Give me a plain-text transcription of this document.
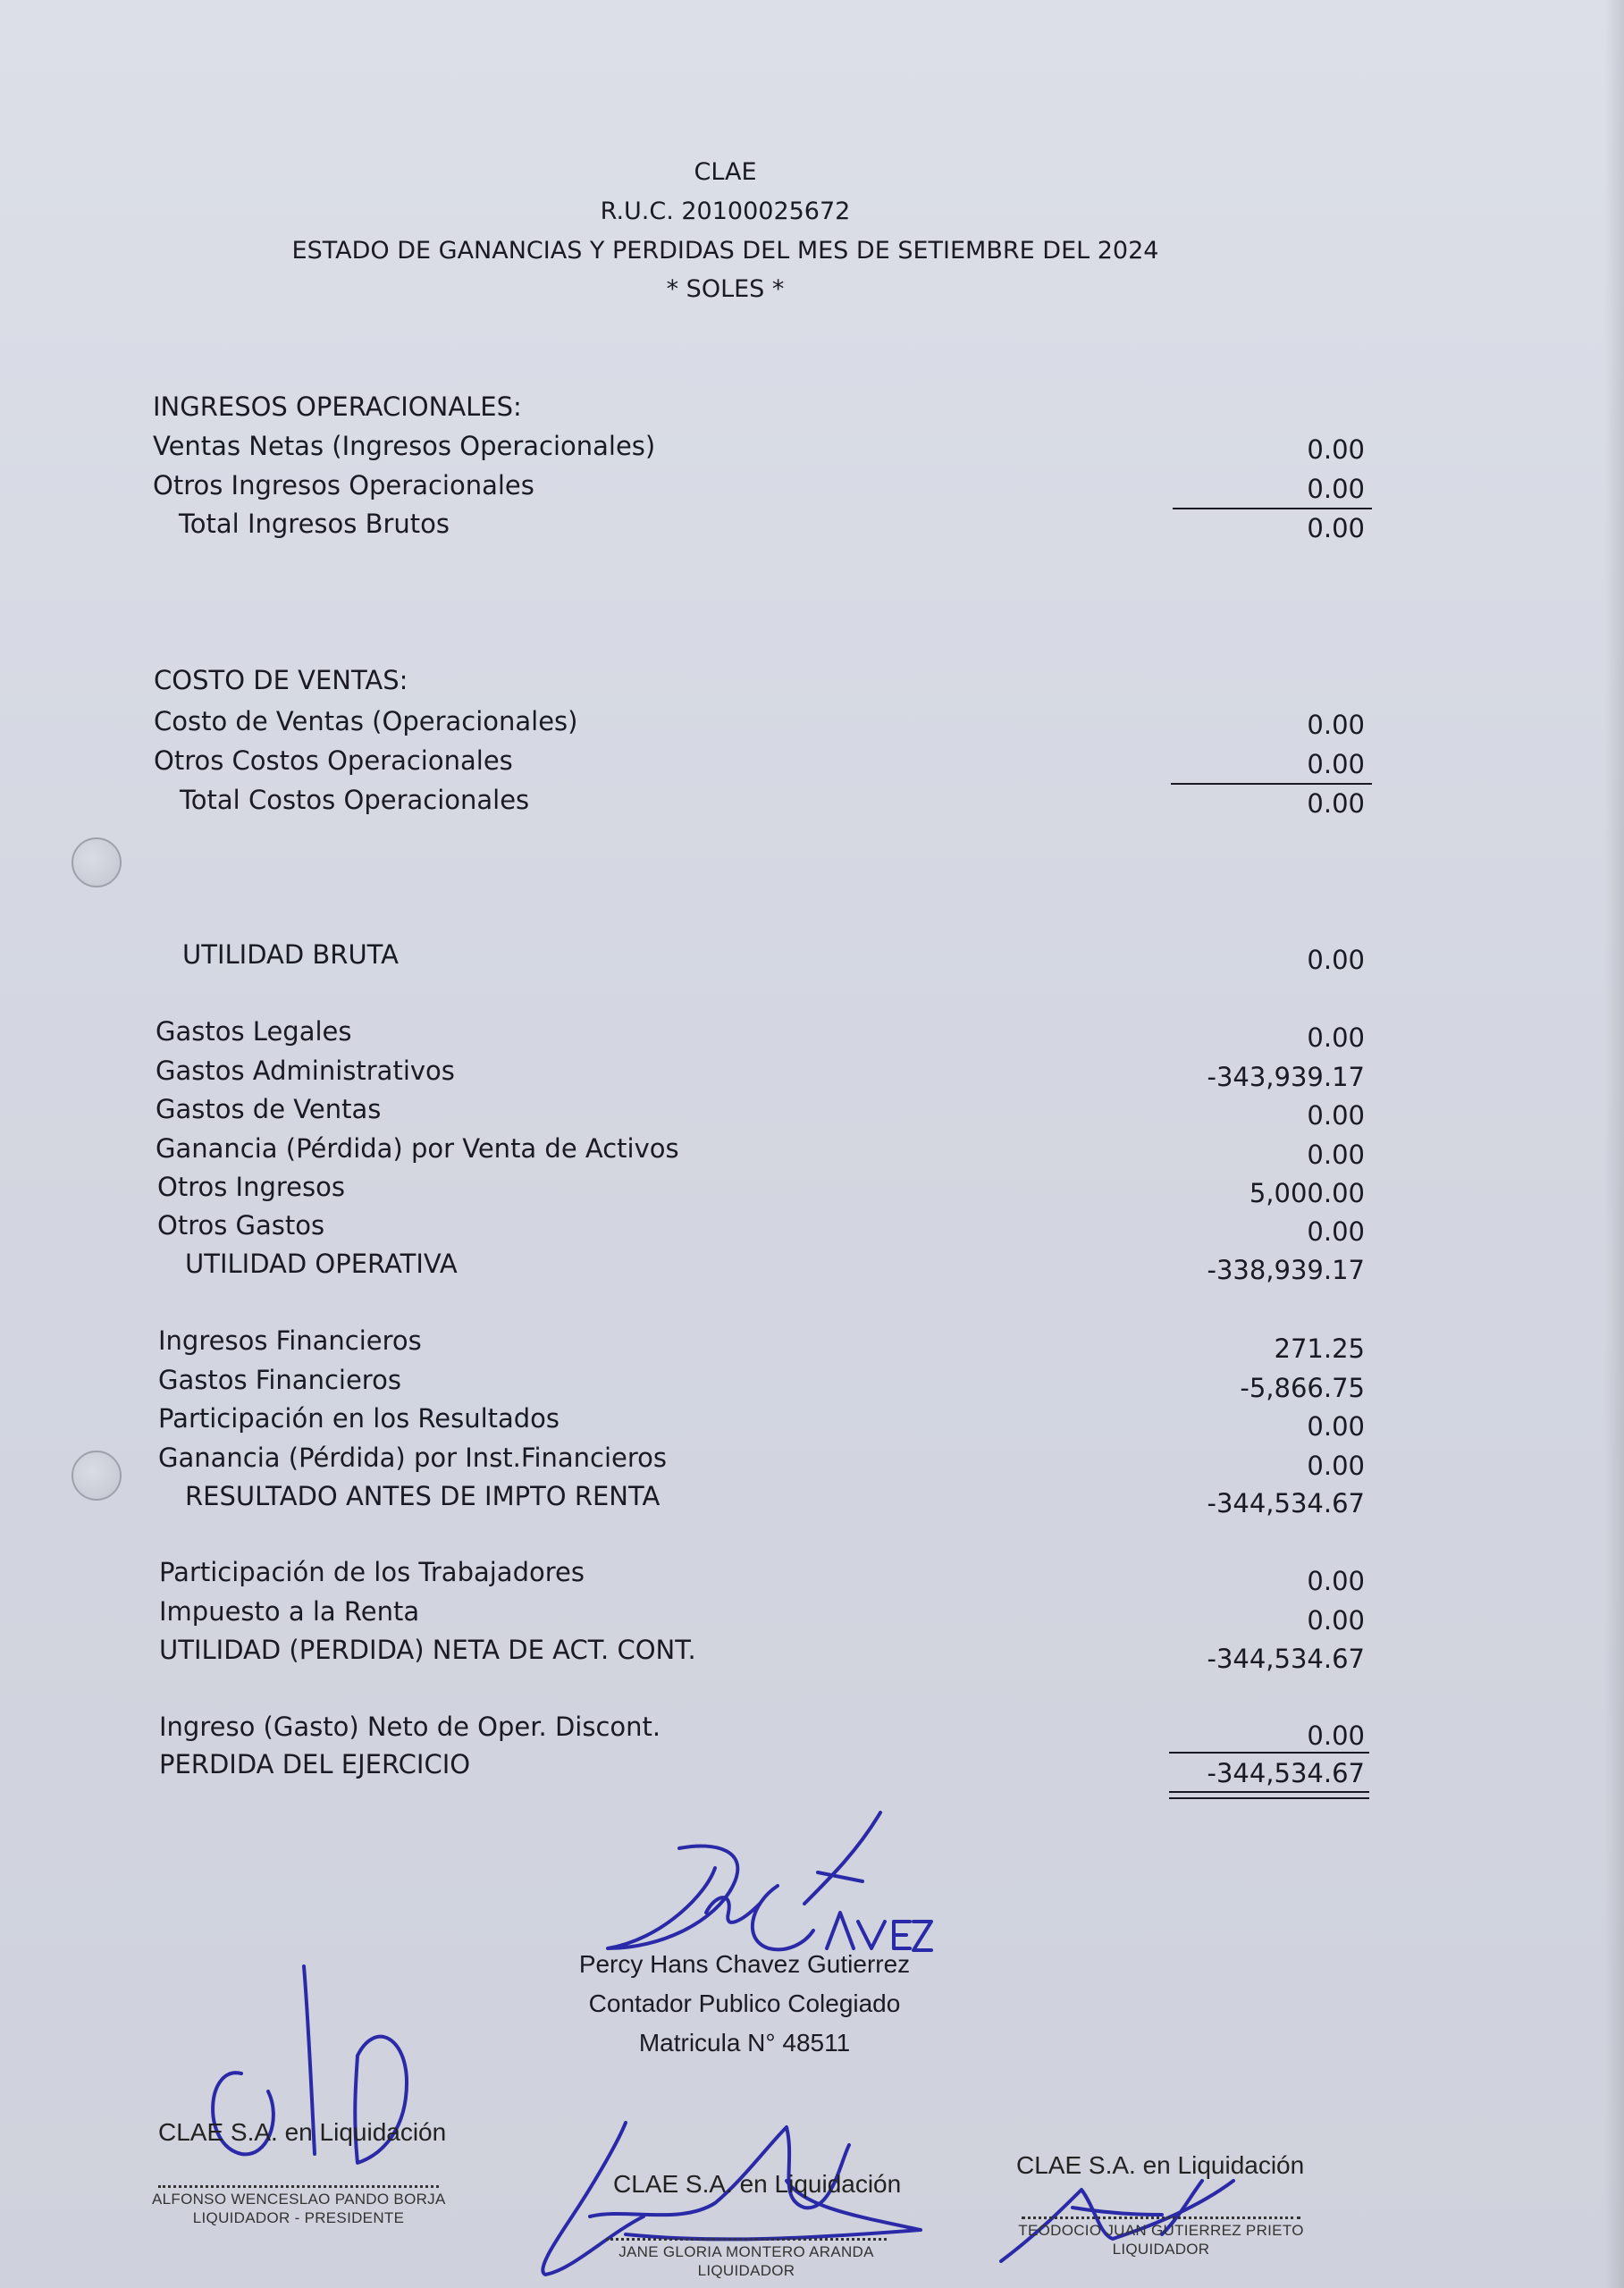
CLAE
R.U.C. 20100025672
ESTADO DE GANANCIAS Y PERDIDAS DEL MES DE SETIEMBRE DEL 2024
* SOLES *
INGRESOS OPERACIONALES:
Ventas Netas (Ingresos Operacionales)	0.00
Otros Ingresos Operacionales	0.00
Total Ingresos Brutos	0.00
COSTO DE VENTAS:
Costo de Ventas (Operacionales)	0.00
Otros Costos Operacionales	0.00
Total Costos Operacionales	0.00
UTILIDAD BRUTA	0.00
Gastos Legales	0.00
Gastos Administrativos	-343,939.17
Gastos de Ventas	0.00
Ganancia (Pérdida) por Venta de Activos	0.00
Otros Ingresos	5,000.00
Otros Gastos	0.00
UTILIDAD OPERATIVA	-338,939.17
Ingresos Financieros	271.25
Gastos Financieros	-5,866.75
Participación en los Resultados	0.00
Ganancia (Pérdida) por Inst.Financieros	0.00
RESULTADO ANTES DE IMPTO RENTA	-344,534.67
Participación de los Trabajadores	0.00
Impuesto a la Renta	0.00
UTILIDAD (PERDIDA) NETA DE ACT. CONT.	-344,534.67
Ingreso (Gasto) Neto de Oper. Discont.	0.00
PERDIDA DEL EJERCICIO	-344,534.67
Percy Hans Chavez Gutierrez
Contador Publico Colegiado
Matricula N° 48511
CLAE S.A. en Liquidación
ALFONSO WENCESLAO PANDO BORJA
LIQUIDADOR - PRESIDENTE
CLAE S.A. en Liquidación
JANE GLORIA MONTERO ARANDA
LIQUIDADOR
CLAE S.A. en Liquidación
TEODOCIO JUAN GUTIERREZ PRIETO
LIQUIDADOR
